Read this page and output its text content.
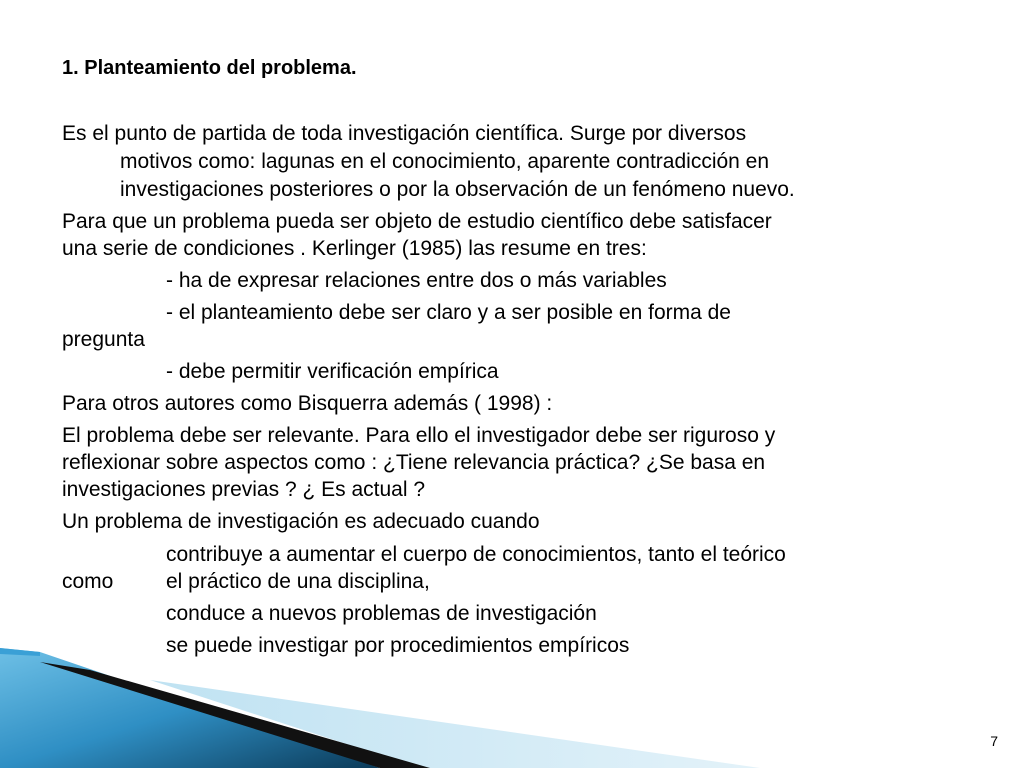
1. Planteamiento del problema.
Es el punto de partida de toda investigación científica. Surge por diversos
motivos como: lagunas en el conocimiento, aparente contradicción en
investigaciones posteriores o por la observación de un fenómeno nuevo.
Para que un problema pueda ser objeto de estudio científico debe satisfacer
una serie de condiciones . Kerlinger (1985) las resume en tres:
- ha de expresar relaciones entre dos o más variables
- el planteamiento debe ser claro y a ser posible en forma de
pregunta
- debe permitir verificación empírica
Para otros autores como Bisquerra además ( 1998) :
El problema debe ser relevante. Para ello el investigador debe ser riguroso y
reflexionar sobre aspectos como : ¿Tiene relevancia práctica? ¿Se basa en
investigaciones previas ? ¿ Es actual ?
Un problema de investigación es adecuado cuando
contribuye a aumentar el cuerpo de conocimientos, tanto el teórico
como	el práctico de una disciplina,
conduce a nuevos problemas de investigación
se puede investigar por procedimientos empíricos
7
